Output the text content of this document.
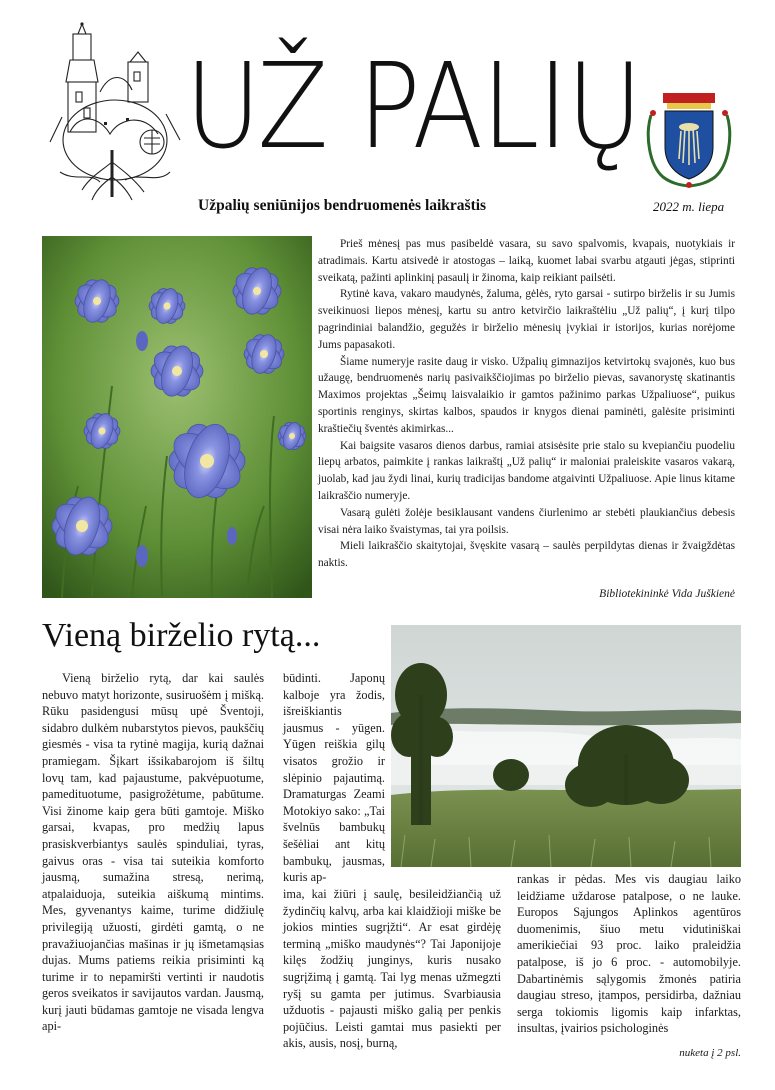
UŽ PALIŲ
Užpalių seniūnijos bendruomenės laikraštis	2022 m. liepa

Prieš mėnesį pas mus pasibeldė vasara, su savo spalvomis, kvapais, nuotykiais ir atradimais. Kartu atsivedė ir atostogas – laiką, kuomet labai svarbu atgauti jėgas, stiprinti sveikatą, pažinti aplinkinį pasaulį ir žinoma, kaip reikiant pailsėti.

Rytinė kava, vakaro maudynės, žaluma, gėlės, ryto garsai - sutirpo birželis ir su Jumis sveikinuosi liepos mėnesį, kartu su antro ketvirčio laikraštėliu „Už palių“, į kurį tilpo pagrindiniai balandžio, gegužės ir birželio mėnesių įvykiai ir istorijos, kurias norėjome Jums papasakoti.

Šiame numeryje rasite daug ir visko. Užpalių gimnazijos ketvirtokų svajonės, kuo bus užaugę, bendruomenės narių pasivaikščiojimas po birželio pievas, savanorystę skatinantis Maximos projektas „Šeimų laisvalaikio ir gamtos pažinimo parkas Užpaliuose“, puikus sportinis renginys, skirtas kalbos, spaudos ir knygos dienai paminėti, galėsite prisiminti kraštiečių šventės akimirkas...

Kai baigsite vasaros dienos darbus, ramiai atsisėsite prie stalo su kvepiančiu puodeliu liepų arbatos, paimkite į rankas laikraštį „Už palių“ ir maloniai praleiskite vasaros vakarą, juolab, kad jau žydi linai, kurių tradicijas bandome atgaivinti Užpaliuose. Apie linus kitame laikraščio numeryje.

Vasarą gulėti žolėje besiklausant vandens čiurlenimo ar stebėti plaukiančius debesis visai nėra laiko švaistymas, tai yra poilsis.

Mieli laikraščio skaitytojai, švęskite vasarą – saulės perpildytas dienas ir žvaigždėtas naktis.

Bibliotekininkė Vida Juškienė
Vieną birželio rytą...

Vieną birželio rytą, dar kai saulės nebuvo matyt horizonte, susiruošėm į mišką. Rūku pasidengusi mūsų upė Šventoji, sidabro dulkėm nubarstytos pievos, paukščių giesmės - visa ta rytinė magija, kurią dažnai pramiegam. Šįkart išsikabarojom iš šiltų lovų tam, kad pajaustume, pakvėpuotume, pamedituotume, pasigrožėtume, pabūtume. Visi žinome kaip gera būti gamtoje. Miško garsai, kvapas, pro medžių lapus prasiskverbiantys saulės spinduliai, tyras, gaivus oras - visa tai suteikia komforto jausmą, sumažina stresą, nerimą, atpalaiduoja, suteikia aiškumą mintims. Mes, gyvenantys kaime, turime didžiulę privilegiją užuosti, girdėti gamtą, o ne pravažiuojančias mašinas ir jų išmetamąsias dujas. Mums patiems reikia prisiminti ką turime ir to nepamiršti vertinti ir naudotis geros sveikatos ir savijautos vardan. Jausmą, kurį jauti būdamas gamtoje ne visada lengva api-

būdinti. Japonų kalboje yra žodis, išreiškiantis jausmus - yūgen. Yūgen reiškia gilų visatos grožio ir slėpinio pajautimą. Dramaturgas Zeami Motokiyo sako: „Tai švelnūs bambukų šešėliai ant kitų bambukų, jausmas, kuris ap-

ima, kai žiūri į saulę, besileidžiančią už žydinčių kalvų, arba kai klaidžioji miške be jokios minties sugrįžti“. Ar esat girdėję terminą „miško maudynės“? Tai Japonijoje kilęs žodžių junginys, kuris nusako sugrįžimą į gamtą. Tai lyg menas užmegzti ryšį su gamta per jutimus. Svarbiausia užduotis - pajausti miško galią per penkis pojūčius. Leisti gamtai mus pasiekti per akis, ausis, nosį, burną,

rankas ir pėdas. Mes vis daugiau laiko leidžiame uždarose patalpose, o ne lauke. Europos Sąjungos Aplinkos agentūros duomenimis, šiuo metu vidutiniškai amerikiečiai 93 proc. laiko praleidžia patalpose, iš jo 6 proc. - automobilyje. Dabartinėmis sąlygomis žmonės patiria daugiau streso, įtampos, persidirba, dažniau serga tokiomis ligomis kaip infarktas, insultas, įvairios psichologinės

nuketa į 2 psl.
